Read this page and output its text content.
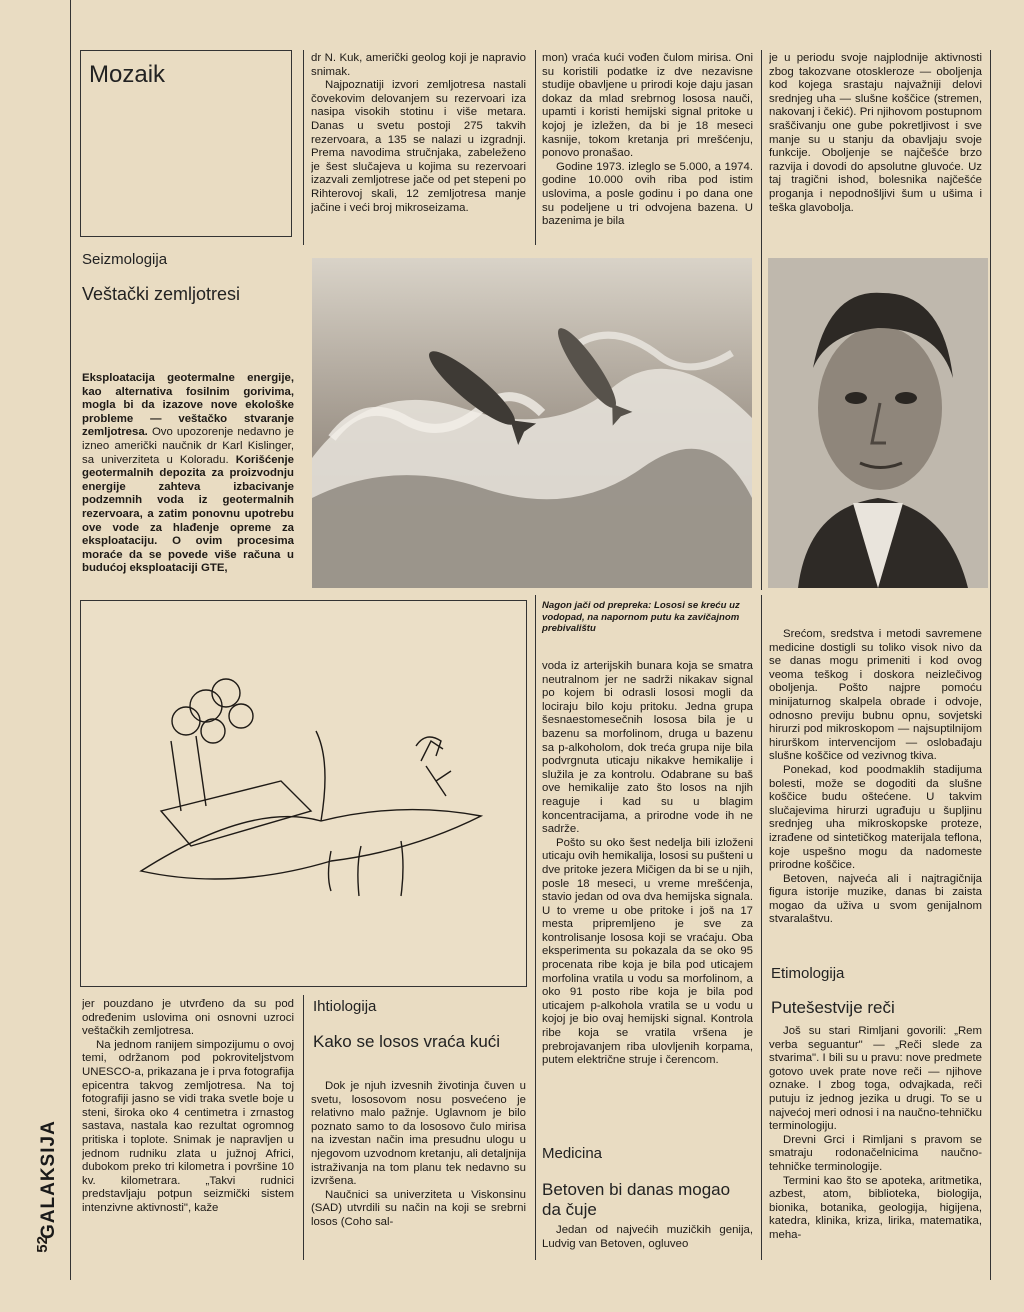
Mozaik
Seizmologija
Veštački zemljotresi

Eksploatacija geotermalne energije, kao alternativa fosilnim gorivima, mogla bi da izazove nove ekološke probleme — veštačko stvaranje zemljotresa. Ovo upozorenje nedavno je izneo američki naučnik dr Karl Kislinger, sa univerziteta u Koloradu. Korišćenje geotermalnih depozita za proizvodnju energije zahteva izbacivanje podzemnih voda iz geotermalnih rezervoara, a zatim ponovnu upotrebu ove vode za hlađenje opreme za eksploataciju. O ovim procesima moraće da se povede više računa u budućoj eksploataciji GTE,

dr N. Kuk, američki geolog koji je napravio snimak.

Najpoznatiji izvori zemljotresa nastali čovekovim delovanjem su rezervoari iza nasipa visokih stotinu i više metara. Danas u svetu postoji 275 takvih rezervoara, a 135 se nalazi u izgradnji. Prema navodima stručnjaka, zabeleženo je šest slučajeva u kojima su rezervoari izazvali zemljotrese jače od pet stepeni po Rihterovoj skali, 12 zemljotresa manje jačine i veći broj mikroseizama.

mon) vraća kući vođen čulom mirisa. Oni su koristili podatke iz dve nezavisne studije obavljene u prirodi koje daju jasan dokaz da mlad srebrnog lososa nauči, upamti i koristi hemijski signal pritoke u kojoj je izležen, da bi je 18 meseci kasnije, tokom kretanja pri mrešćenju, ponovo pronašao.

Godine 1973. izleglo se 5.000, a 1974. godine 10.000 ovih riba pod istim uslovima, a posle godinu i po dana one su podeljene u tri odvojena bazena. U bazenima je bila

je u periodu svoje najplodnije aktivnosti zbog takozvane otoskleroze — oboljenja kod kojega srastaju najvažniji delovi srednjeg uha — slušne koščice (stremen, nakovanj i čekić). Pri njihovom postupnom sraščivanju one gube pokretljivost i sve manje su u stanju da obavljaju svoje funkcije. Oboljenje se najčešće brzo razvija i dovodi do apsolutne gluvoće. Uz taj tragični ishod, bolesnika najčešće proganja i nepodnošljivi šum u ušima i teška glavobolja.

Nagon jači od prepreka: Lososi se kreću uz vodopad, na napornom putu ka zavičajnom prebivalištu

voda iz arterijskih bunara koja se smatra neutralnom jer ne sadrži nikakav signal po kojem bi odrasli lososi mogli da lociraju bilo koju pritoku. Jedna grupa šesnaestomesečnih lososa bila je u bazenu sa morfolinom, druga u bazenu sa p-alkoholom, dok treća grupa nije bila podvrgnuta uticaju nikakve hemikalije i služila je za kontrolu. Odabrane su baš ove hemikalije zato što losos na njih reaguje i kad su u blagim koncentracijama, a prirodne vode ih ne sadrže.

Pošto su oko šest nedelja bili izloženi uticaju ovih hemikalija, lososi su pušteni u dve pritoke jezera Mičigen da bi se u njih, posle 18 meseci, u vreme mrešćenja, stavio jedan od ova dva hemijska signala. U to vreme u obe pritoke i još na 17 mesta pripremljeno je sve za kontrolisanje lososa koji se vraćaju. Oba eksperimenta su pokazala da se oko 95 procenata ribe koja je bila pod uticajem morfolina vratila u vodu sa morfolinom, a oko 91 posto ribe koja je bila pod uticajem p-alkohola vratila se u vodu u kojoj je bio ovaj hemijski signal. Kontrola ribe koja se vratila vršena je prebrojavanjem riba ulovljenih korpama, putem električne struje i čerencom.

Medicina
Betoven bi danas mogao da čuje

Jedan od najvećih muzičkih genija, Ludvig van Betoven, ogluveo

Srećom, sredstva i metodi savremene medicine dostigli su toliko visok nivo da se danas mogu primeniti i kod ovog veoma teškog i doskora neizlečivog oboljenja. Pošto najpre pomoću minijaturnog skalpela obrade i odvoje, odnosno previju bubnu opnu, sovjetski hirurzi pod mikroskopom — najsuptilnijom hirurškom intervencijom — oslobađaju slušne koščice od vezivnog tkiva.

Ponekad, kod poodmaklih stadijuma bolesti, može se dogoditi da slušne koščice budu oštećene. U takvim slučajevima hirurzi ugrađuju u šupljinu srednjeg uha mikroskopske proteze, izrađene od sintetičkog materijala teflona, koje uspešno mogu da nadomeste prirodne koščice.

Betoven, najveća ali i najtragičnija figura istorije muzike, danas bi zaista mogao da uživa u svom genijalnom stvaralaštvu.

Etimologija
Putešestvije reči

Još su stari Rimljani govorili: „Rem verba seguantur" — „Reči slede za stvarima". I bili su u pravu: nove predmete gotovo uvek prate nove reči — njihove oznake. I zbog toga, odvajkada, reči putuju iz jednog jezika u drugi. To se u najvećoj meri odnosi i na naučno-tehničku terminologiju.

Drevni Grci i Rimljani s pravom se smatraju rodonačelnicima naučno-tehničke terminologije.

Termini kao što se apoteka, aritmetika, azbest, atom, biblioteka, biologija, bionika, botanika, geologija, higijena, katedra, klinika, kriza, lirika, matematika, meha-

jer pouzdano je utvrđeno da su pod određenim uslovima oni osnovni uzroci veštačkih zemljotresa.

Na jednom ranijem simpozijumu o ovoj temi, održanom pod pokroviteljstvom UNESCO-a, prikazana je i prva fotografija epicentra takvog zemljotresa. Na toj fotografiji jasno se vidi traka svetle boje u steni, široka oko 4 centimetra i zrnastog sastava, nastala kao rezultat ogromnog pritiska i toplote. Snimak je napravljen u jednom rudniku zlata u južnoj Africi, dubokom preko tri kilometra i površine 10 kv. kilometrara. „Takvi rudnici predstavljaju potpun seizmički sistem intenzivne aktivnosti", kaže

Ihtiologija
Kako se losos vraća kući

Dok je njuh izvesnih životinja čuven u svetu, lososovom nosu posvećeno je relativno malo pažnje. Uglavnom je bilo poznato samo to da lososovo čulo mirisa na izvestan način ima presudnu ulogu u njegovom uzvodnom kretanju, ali detaljnija istraživanja na tom planu tek nedavno su izvršena.

Naučnici sa univerziteta u Viskonsinu (SAD) utvrdili su način na koji se srebrni losos (Coho sal-

GALAKSIJA
52
